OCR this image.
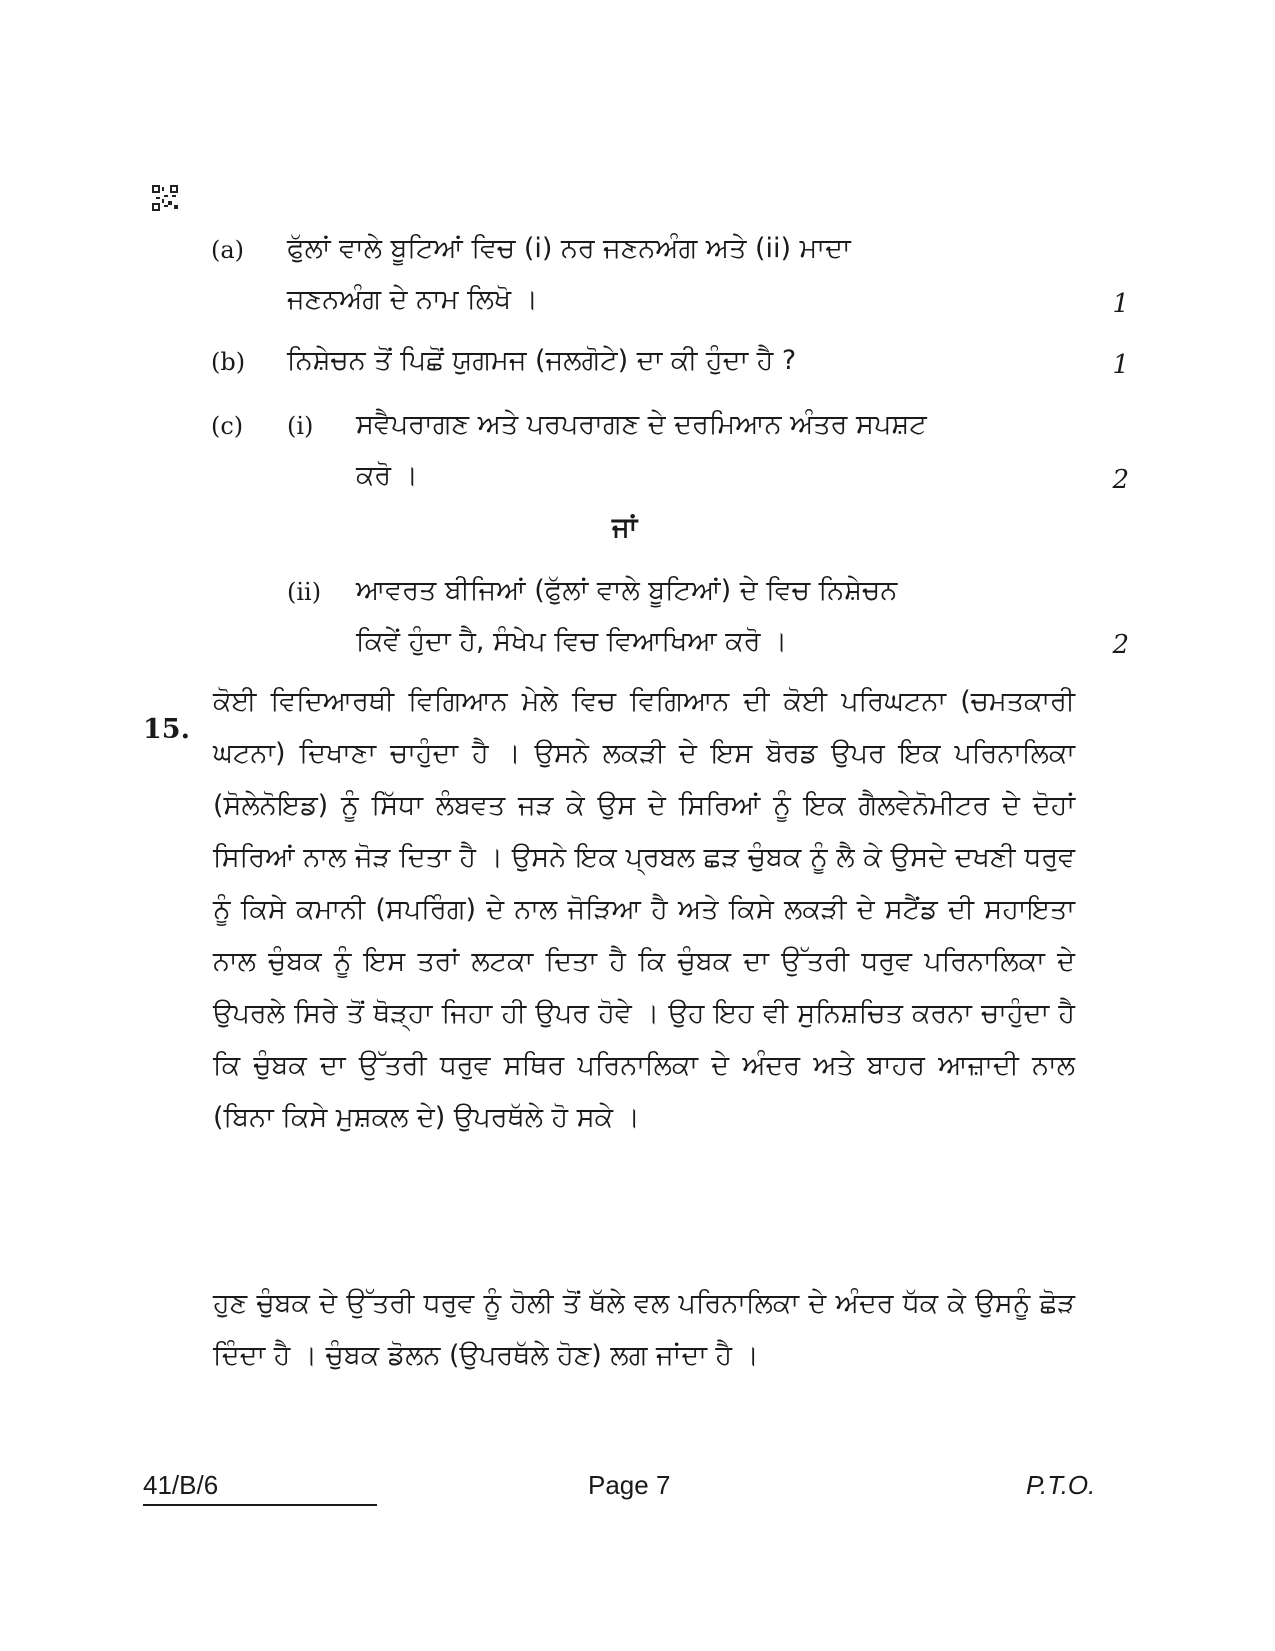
(a) ਫੁੱਲਾਂ ਵਾਲੇ ਬੂਟਿਆਂ ਵਿਚ (i) ਨਰ ਜਣਨਅੰਗ ਅਤੇ (ii) ਮਾਦਾ
ਜਣਨਅੰਗ ਦੇ ਨਾਮ ਲਿਖੋ ।	1
(b) ਨਿਸ਼ੇਚਨ ਤੋਂ ਪਿਛੋਂ ਯੁਗਮਜ (ਜਲਗੋਟੇ) ਦਾ ਕੀ ਹੁੰਦਾ ਹੈ ?	1
(c) (i) ਸਵੈਪਰਾਗਣ ਅਤੇ ਪਰਪਰਾਗਣ ਦੇ ਦਰਮਿਆਨ ਅੰਤਰ ਸਪਸ਼ਟ
ਕਰੋ ।	2
ਜਾਂ
(ii) ਆਵਰਤ ਬੀਜਿਆਂ (ਫੁੱਲਾਂ ਵਾਲੇ ਬੂਟਿਆਂ) ਦੇ ਵਿਚ ਨਿਸ਼ੇਚਨ
ਕਿਵੇਂ ਹੁੰਦਾ ਹੈ, ਸੰਖੇਪ ਵਿਚ ਵਿਆਖਿਆ ਕਰੋ ।	2
15.

ਕੋਈ ਵਿਦਿਆਰਥੀ ਵਿਗਿਆਨ ਮੇਲੇ ਵਿਚ ਵਿਗਿਆਨ ਦੀ ਕੋਈ ਪਰਿਘਟਨਾ (ਚਮਤਕਾਰੀ ਘਟਨਾ) ਦਿਖਾਣਾ ਚਾਹੁੰਦਾ ਹੈ । ਉਸਨੇ ਲਕੜੀ ਦੇ ਇਸ ਬੋਰਡ ਉਪਰ ਇਕ ਪਰਿਨਾਲਿਕਾ (ਸੋਲੇਨੋਇਡ) ਨੂੰ ਸਿੱਧਾ ਲੰਬਵਤ ਜੜ ਕੇ ਉਸ ਦੇ ਸਿਰਿਆਂ ਨੂੰ ਇਕ ਗੈਲਵੇਨੋਮੀਟਰ ਦੇ ਦੋਹਾਂ ਸਿਰਿਆਂ ਨਾਲ ਜੋੜ ਦਿਤਾ ਹੈ । ਉਸਨੇ ਇਕ ਪ੍ਰਬਲ ਛੜ ਚੁੰਬਕ ਨੂੰ ਲੈ ਕੇ ਉਸਦੇ ਦਖਣੀ ਧਰੁਵ ਨੂੰ ਕਿਸੇ ਕਮਾਨੀ (ਸਪਰਿੰਗ) ਦੇ ਨਾਲ ਜੋੜਿਆ ਹੈ ਅਤੇ ਕਿਸੇ ਲਕੜੀ ਦੇ ਸਟੈਂਡ ਦੀ ਸਹਾਇਤਾ ਨਾਲ ਚੁੰਬਕ ਨੂੰ ਇਸ ਤਰਾਂ ਲਟਕਾ ਦਿਤਾ ਹੈ ਕਿ ਚੁੰਬਕ ਦਾ ਉੱਤਰੀ ਧਰੁਵ ਪਰਿਨਾਲਿਕਾ ਦੇ ਉਪਰਲੇ ਸਿਰੇ ਤੋਂ ਥੋੜ੍ਹਾ ਜਿਹਾ ਹੀ ਉਪਰ ਹੋਵੇ । ਉਹ ਇਹ ਵੀ ਸੁਨਿਸ਼ਚਿਤ ਕਰਨਾ ਚਾਹੁੰਦਾ ਹੈ ਕਿ ਚੁੰਬਕ ਦਾ ਉੱਤਰੀ ਧਰੁਵ ਸਥਿਰ ਪਰਿਨਾਲਿਕਾ ਦੇ ਅੰਦਰ ਅਤੇ ਬਾਹਰ ਆਜ਼ਾਦੀ ਨਾਲ (ਬਿਨਾ ਕਿਸੇ ਮੁਸ਼ਕਲ ਦੇ) ਉਪਰਥੱਲੇ ਹੋ ਸਕੇ ।

ਹੁਣ ਚੁੰਬਕ ਦੇ ਉੱਤਰੀ ਧਰੁਵ ਨੂੰ ਹੋਲੀ ਤੋਂ ਥੱਲੇ ਵਲ ਪਰਿਨਾਲਿਕਾ ਦੇ ਅੰਦਰ ਧੱਕ ਕੇ ਉਸਨੂੰ ਛੋੜ ਦਿੰਦਾ ਹੈ । ਚੁੰਬਕ ਡੋਲਨ (ਉਪਰਥੱਲੇ ਹੋਣ) ਲਗ ਜਾਂਦਾ ਹੈ ।

41/B/6	Page 7	P.T.O.
